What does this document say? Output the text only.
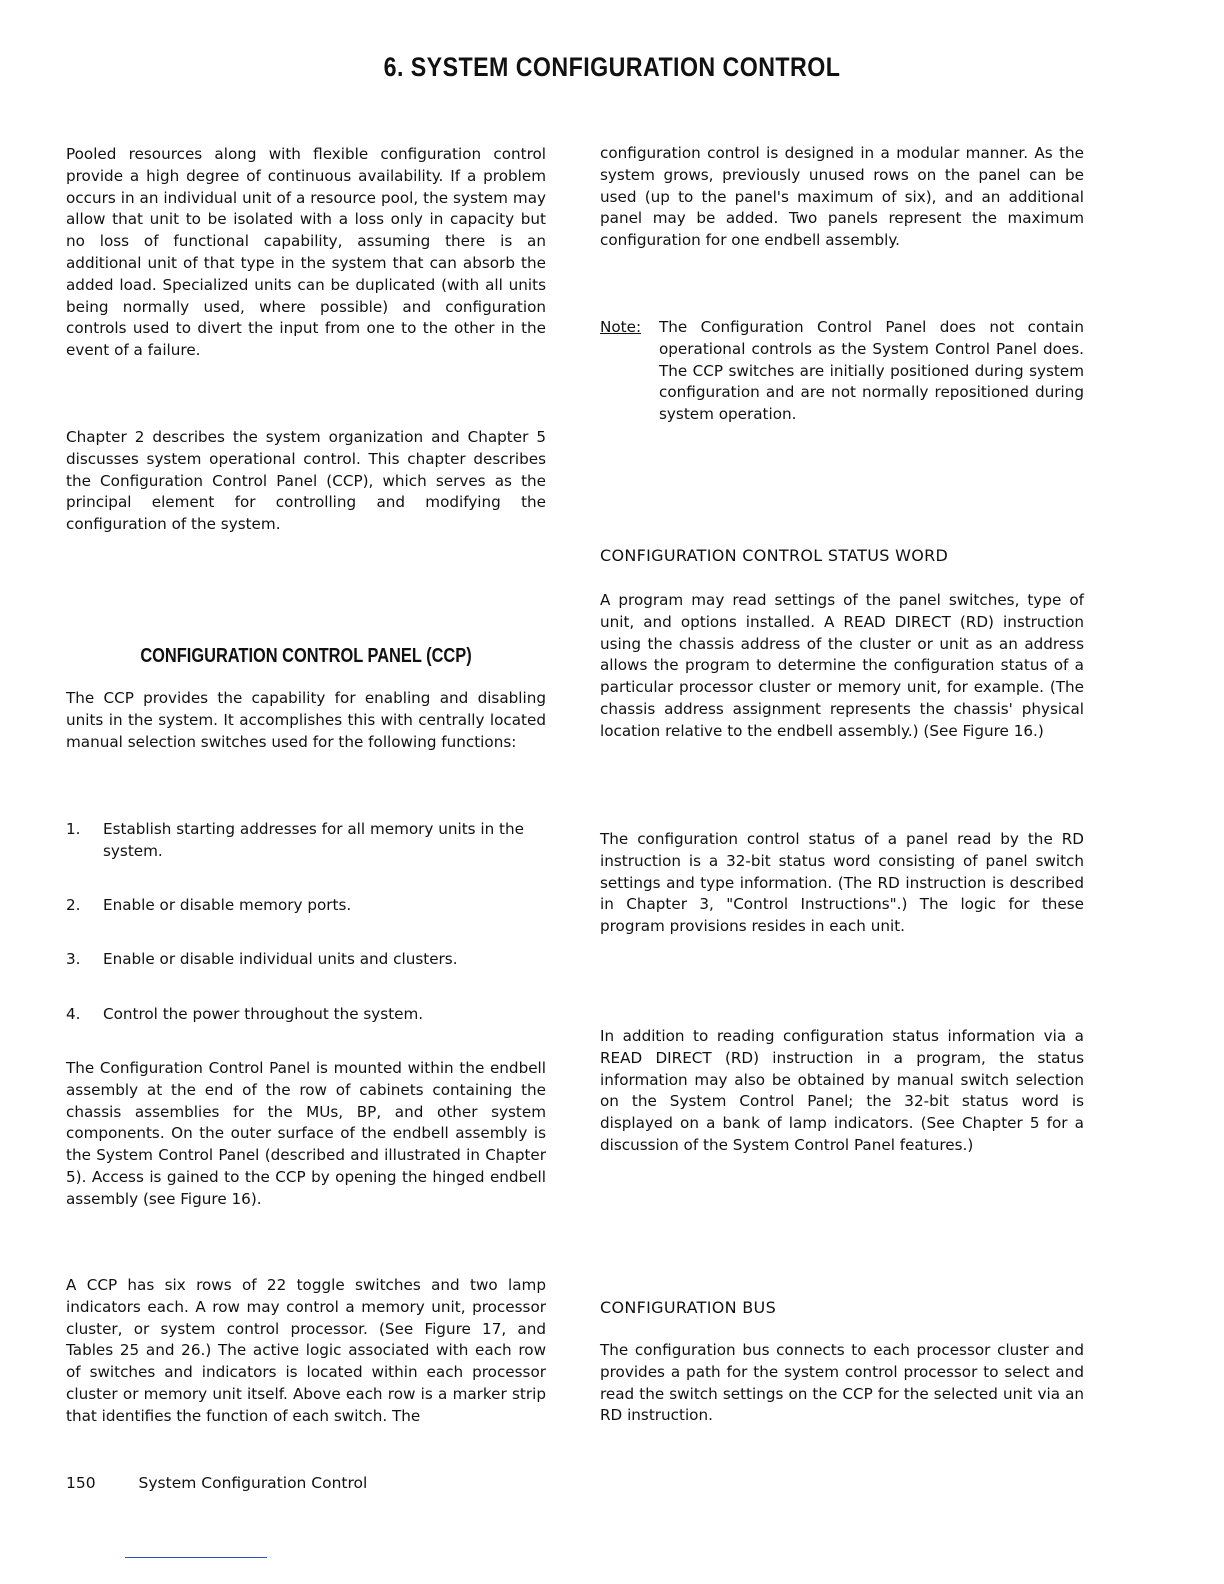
6. SYSTEM CONFIGURATION CONTROL

Pooled resources along with flexible configuration control provide a high degree of continuous availability. If a problem occurs in an individual unit of a resource pool, the system may allow that unit to be isolated with a loss only in capacity but no loss of functional capability, assuming there is an additional unit of that type in the system that can absorb the added load. Specialized units can be duplicated (with all units being normally used, where possible) and configuration controls used to divert the input from one to the other in the event of a failure.

Chapter 2 describes the system organization and Chapter 5 discusses system operational control. This chapter describes the Configuration Control Panel (CCP), which serves as the principal element for controlling and modifying the configuration of the system.

CONFIGURATION CONTROL PANEL (CCP)

The CCP provides the capability for enabling and disabling units in the system. It accomplishes this with centrally located manual selection switches used for the following functions:

1.	Establish starting addresses for all memory units in the system.
2.	Enable or disable memory ports.
3.	Enable or disable individual units and clusters.
4.	Control the power throughout the system.

The Configuration Control Panel is mounted within the endbell assembly at the end of the row of cabinets containing the chassis assemblies for the MUs, BP, and other system components. On the outer surface of the endbell assembly is the System Control Panel (described and illustrated in Chapter 5). Access is gained to the CCP by opening the hinged endbell assembly (see Figure 16).

A CCP has six rows of 22 toggle switches and two lamp indicators each. A row may control a memory unit, processor cluster, or system control processor. (See Figure 17, and Tables 25 and 26.) The active logic associated with each row of switches and indicators is located within each processor cluster or memory unit itself. Above each row is a marker strip that identifies the function of each switch. The

configuration control is designed in a modular manner. As the system grows, previously unused rows on the panel can be used (up to the panel's maximum of six), and an additional panel may be added. Two panels represent the maximum configuration for one endbell assembly.

Note:	The Configuration Control Panel does not contain operational controls as the System Control Panel does. The CCP switches are initially positioned during system configuration and are not normally repositioned during system operation.

CONFIGURATION CONTROL STATUS WORD

A program may read settings of the panel switches, type of unit, and options installed. A READ DIRECT (RD) instruction using the chassis address of the cluster or unit as an address allows the program to determine the configuration status of a particular processor cluster or memory unit, for example. (The chassis address assignment represents the chassis' physical location relative to the endbell assembly.) (See Figure 16.)

The configuration control status of a panel read by the RD instruction is a 32-bit status word consisting of panel switch settings and type information. (The RD instruction is described in Chapter 3, "Control Instructions".) The logic for these program provisions resides in each unit.

In addition to reading configuration status information via a READ DIRECT (RD) instruction in a program, the status information may also be obtained by manual switch selection on the System Control Panel; the 32-bit status word is displayed on a bank of lamp indicators. (See Chapter 5 for a discussion of the System Control Panel features.)

CONFIGURATION BUS

The configuration bus connects to each processor cluster and provides a path for the system control processor to select and read the switch settings on the CCP for the selected unit via an RD instruction.

150	System Configuration Control
